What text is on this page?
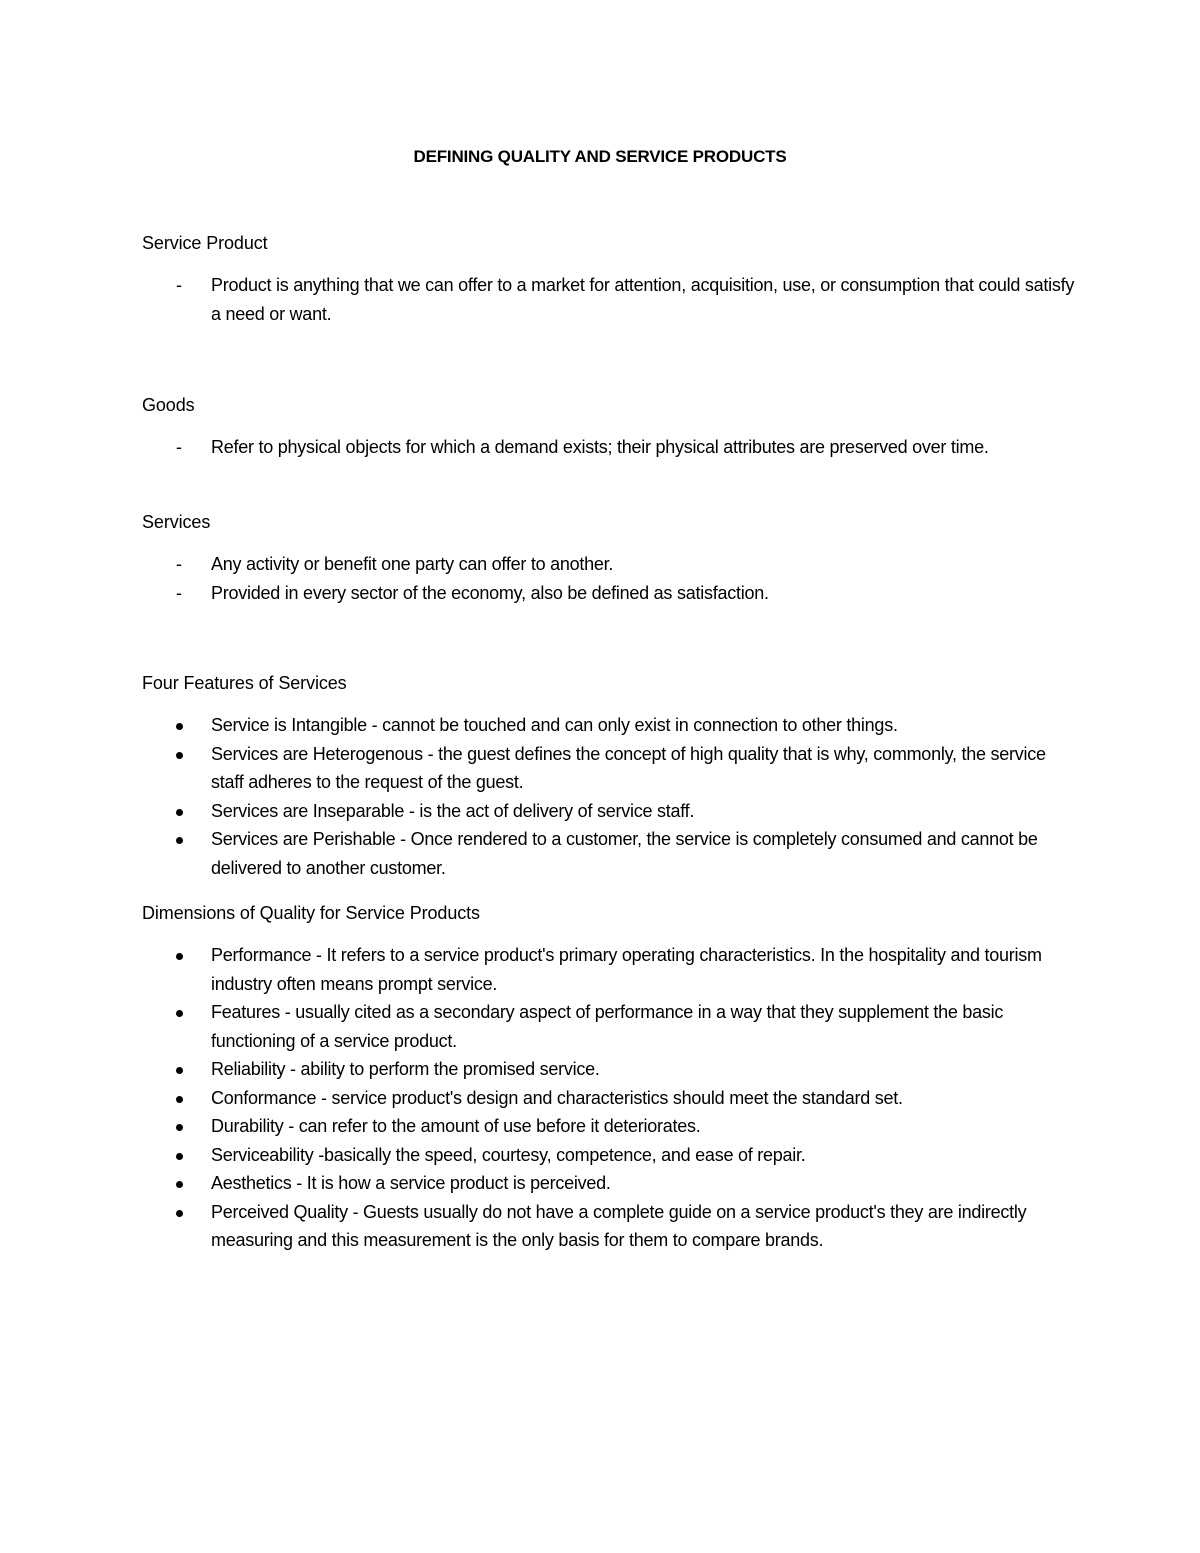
DEFINING QUALITY AND SERVICE PRODUCTS

Service Product

-	Product is anything that we can offer to a market for attention, acquisition, use, or consumption that could satisfy a need or want.

Goods

-	Refer to physical objects for which a demand exists; their physical attributes are preserved over time.

Services

-	Any activity or benefit one party can offer to another.
-	Provided in every sector of the economy, also be defined as satisfaction.

Four Features of Services

Service is Intangible - cannot be touched and can only exist in connection to other things.
Services are Heterogenous - the guest defines the concept of high quality that is why, commonly, the service staff adheres to the request of the guest.
Services are Inseparable - is the act of delivery of service staff.
Services are Perishable - Once rendered to a customer, the service is completely consumed and cannot be delivered to another customer.

Dimensions of Quality for Service Products

Performance - It refers to a service product's primary operating characteristics. In the hospitality and tourism industry often means prompt service.
Features - usually cited as a secondary aspect of performance in a way that they supplement the basic functioning of a service product.
Reliability - ability to perform the promised service.
Conformance - service product's design and characteristics should meet the standard set.
Durability - can refer to the amount of use before it deteriorates.
Serviceability -basically the speed, courtesy, competence, and ease of repair.
Aesthetics - It is how a service product is perceived.
Perceived Quality - Guests usually do not have a complete guide on a service product's they are indirectly measuring and this measurement is the only basis for them to compare brands.
